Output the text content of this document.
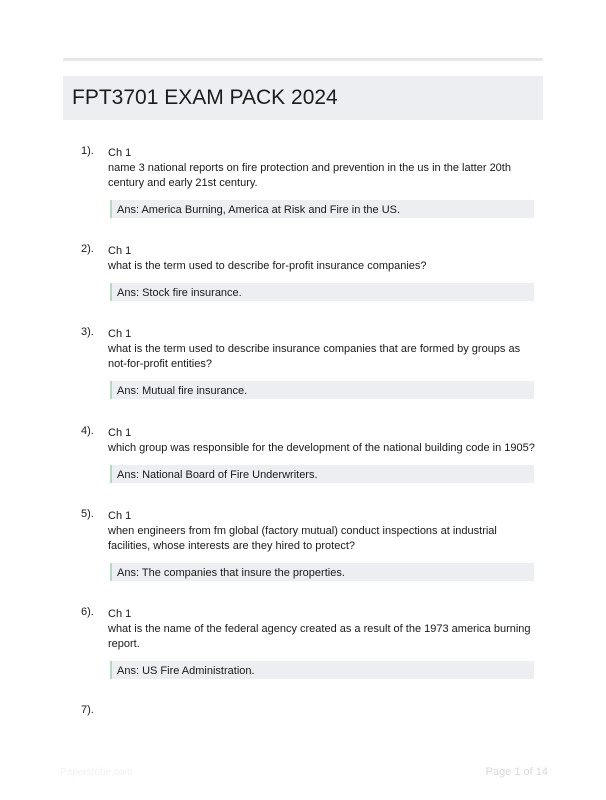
FPT3701 EXAM PACK 2024
1). Ch 1
name 3 national reports on fire protection and prevention in the us in the latter 20th century and early 21st century.
Ans: America Burning, America at Risk and Fire in the US.
2). Ch 1
what is the term used to describe for-profit insurance companies?
Ans: Stock fire insurance.
3). Ch 1
what is the term used to describe insurance companies that are formed by groups as not-for-profit entities?
Ans: Mutual fire insurance.
4). Ch 1
which group was responsible for the development of the national building code in 1905?
Ans: National Board of Fire Underwriters.
5). Ch 1
when engineers from fm global (factory mutual) conduct inspections at industrial facilities, whose interests are they hired to protect?
Ans: The companies that insure the properties.
6). Ch 1
what is the name of the federal agency created as a result of the 1973 america burning report.
Ans: US Fire Administration.
7).
Paperstobe.com	Page 1 of 14
